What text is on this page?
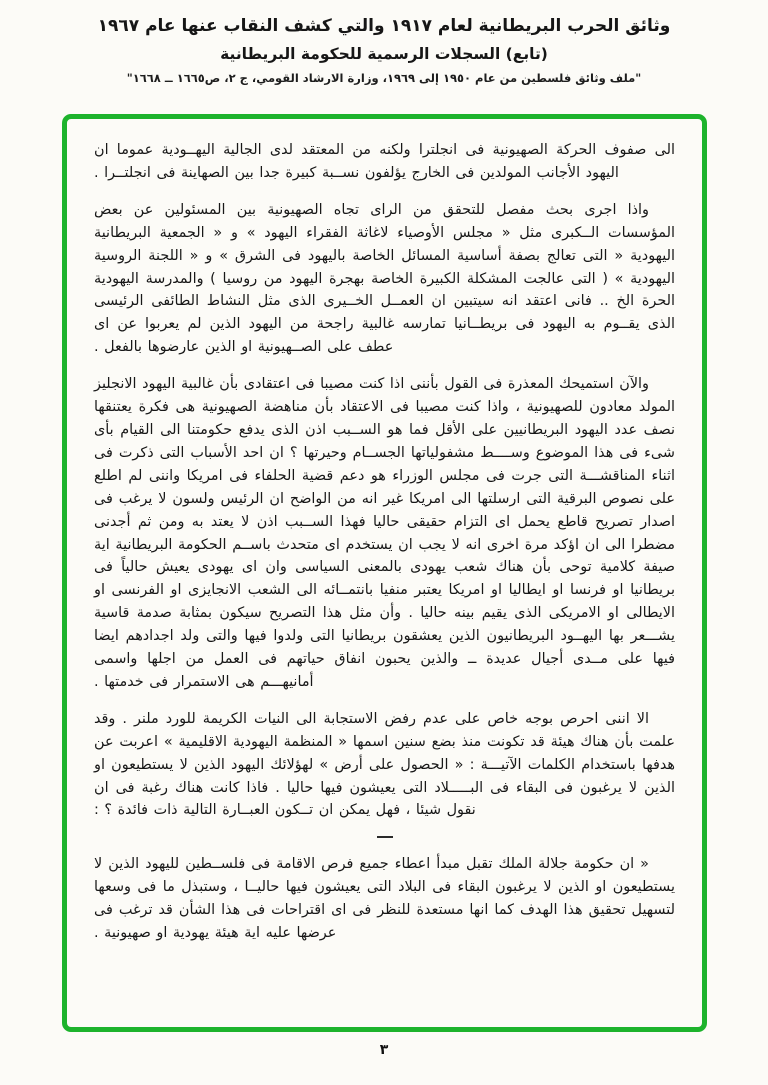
وثائق الحرب البريطانية لعام ١٩١٧ والتي كشف النقاب عنها عام ١٩٦٧
(تابع) السجلات الرسمية للحكومة البريطانية
"ملف وثائق فلسطين من عام ١٩٥٠ إلى ١٩٦٩، وزارة الارشاد القومي، ج ٢، ص١٦٦٥ ــ ١٦٦٨"

الى صفوف الحركة الصهيونية فى انجلترا ولكنه من المعتقد لدى الجالية اليهــودية عموما ان اليهود الأجانب المولدين فى الخارج يؤلفون نســبة كبيرة جدا بين الصهاينة فى انجلتــرا .

واذا اجرى بحث مفصل للتحقق من الراى تجاه الصهيونية بين المسئولين عن بعض المؤسسات الــكبرى مثل « مجلس الأوصياء لاغاثة الفقراء اليهود » و « الجمعية البريطانية اليهودية « التى تعالج بصفة أساسية المسائل الخاصة باليهود فى الشرق » و « اللجنة الروسية اليهودية » ( التى عالجت المشكلة الكبيرة الخاصة بهجرة اليهود من روسيا ) والمدرسة اليهودية الحرة الخ .. فانى اعتقد انه سيتبين ان العمــل الخــيرى الذى مثل النشاط الطائفى الرئيسى الذى يقــوم به اليهود فى بريطــانيا تمارسه غالبية راجحة من اليهود الذين لم يعربوا عن اى عطف على الصــهيونية او الذين عارضوها بالفعل .

والآن استميحك المعذرة فى القول بأننى اذا كنت مصيبا فى اعتقادى بأن غالبية اليهود الانجليز المولد معادون للصهيونية ، واذا كنت مصيبا فى الاعتقاد بأن مناهضة الصهيونية هى فكرة يعتنقها نصف عدد اليهود البريطانيين على الأقل فما هو الســبب اذن الذى يدفع حكومتنا الى القيام بأى شىء فى هذا الموضوع وســــط مشفولياتها الجســام وحيرتها ؟ ان احد الأسباب التى ذكرت فى اثناء المناقشـــة التى جرت فى مجلس الوزراء هو دعم قضية الحلفاء فى امريكا واننى لم اطلع على نصوص البرقية التى ارسلتها الى امريكا غير انه من الواضح ان الرئيس ولسون لا يرغب فى اصدار تصريح قاطع يحمل اى التزام حقيقى حاليا فهذا الســبب اذن لا يعتد به ومن ثم أجدنى مضطرا الى ان اؤكد مرة اخرى انه لا يجب ان يستخدم اى متحدث باســم الحكومة البريطانية اية صيفة كلامية توحى بأن هناك شعب يهودى بالمعنى السياسى وان اى يهودى يعيش حالياً فى بريطانيا او فرنسا او ايطاليا او امريكا يعتبر منفيا بانتمــائه الى الشعب الانجايزى او الفرنسى او الايطالى او الامريكى الذى يقيم بينه حاليا . وأن مثل هذا التصريح سيكون بمثابة صدمة قاسية يشـــعر بها اليهــود البريطانيون الذين يعشقون بريطانيا التى ولدوا فيها والتى ولد اجدادهم ايضا فيها على مــدى أجيال عديدة ــ والذين يحبون انفاق حياتهم فى العمل من اجلها واسمى أمانيهـــم هى الاستمرار فى خدمتها .

الا اننى احرص بوجه خاص على عدم رفض الاستجابة الى النيات الكريمة للورد ملنر . وقد علمت بأن هناك هيئة قد تكونت منذ بضع سنين اسمها « المنظمة اليهودية الاقليمية » اعربت عن هدفها باستخدام الكلمات الآتيـــة : « الحصول على أرض » لهؤلائك اليهود الذين لا يستطيعون او الذين لا يرغبون فى البقاء فى البـــــلاد التى يعيشون فيها حاليا . فاذا كانت هناك رغبة فى ان نقول شيئا ، فهل يمكن ان تــكون العبــارة التالية ذات فائدة ؟ :

« ان حكومة جلالة الملك تقبل مبدأ اعطاء جميع فرص الاقامة فى فلســطين لليهود الذين لا يستطيعون او الذين لا يرغبون البقاء فى البلاد التى يعيشون فيها حاليــا ، وستبذل ما فى وسعها لتسهيل تحقيق هذا الهدف كما انها مستعدة للنظر فى اى اقتراحات فى هذا الشأن قد ترغب فى عرضها عليه اية هيئة يهودية او صهيونية .

٣
